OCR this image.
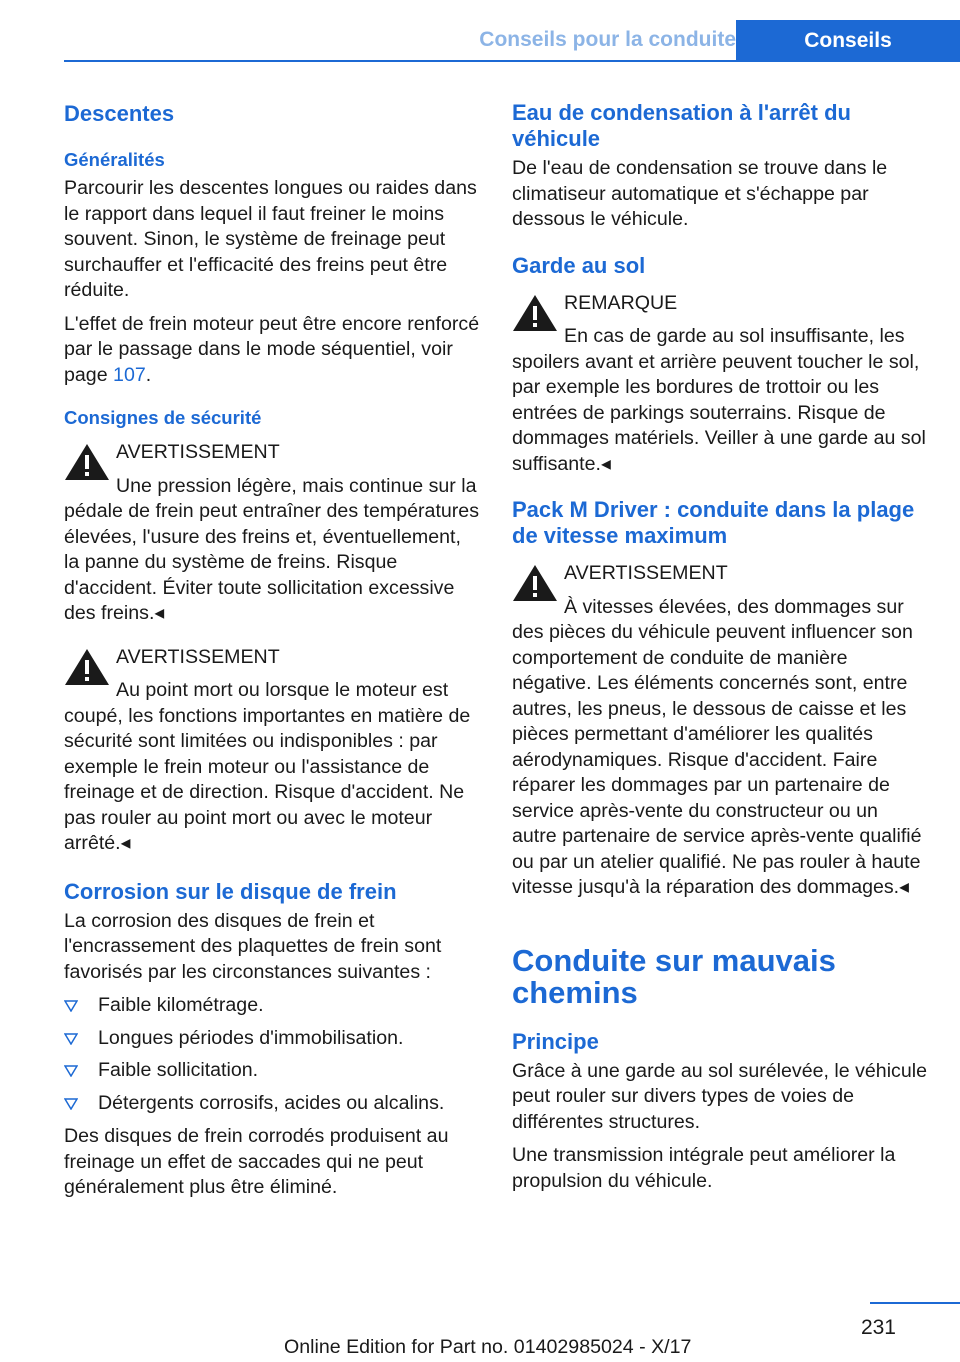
Conseils pour la conduite	Conseils
Descentes
Généralités

Parcourir les descentes longues ou raides dans le rapport dans lequel il faut freiner le moins souvent. Sinon, le système de freinage peut surchauffer et l'efficacité des freins peut être réduite.

L'effet de frein moteur peut être encore renforcé par le passage dans le mode séquentiel, voir page 107.

Consignes de sécurité
AVERTISSEMENT
Une pression légère, mais continue sur la
pédale de frein peut entraîner des températures élevées, l'usure des freins et, éventuellement, la panne du système de freins. Risque d'accident. Éviter toute sollicitation excessive des freins.◂
AVERTISSEMENT
Au point mort ou lorsque le moteur est
coupé, les fonctions importantes en matière de sécurité sont limitées ou indisponibles : par exemple le frein moteur ou l'assistance de freinage et de direction. Risque d'accident. Ne pas rouler au point mort ou avec le moteur arrêté.◂
Corrosion sur le disque de frein

La corrosion des disques de frein et l'encrassement des plaquettes de frein sont favorisés par les circonstances suivantes :

Faible kilométrage.
Longues périodes d'immobilisation.
Faible sollicitation.
Détergents corrosifs, acides ou alcalins.

Des disques de frein corrodés produisent au freinage un effet de saccades qui ne peut généralement plus être éliminé.

Eau de condensation à l'arrêt du véhicule

De l'eau de condensation se trouve dans le climatiseur automatique et s'échappe par dessous le véhicule.

Garde au sol
REMARQUE
En cas de garde au sol insuffisante, les
spoilers avant et arrière peuvent toucher le sol, par exemple les bordures de trottoir ou les entrées de parkings souterrains. Risque de dommages matériels. Veiller à une garde au sol suffisante.◂
Pack M Driver : conduite dans la plage de vitesse maximum
AVERTISSEMENT
À vitesses élevées, des dommages sur
des pièces du véhicule peuvent influencer son comportement de conduite de manière négative. Les éléments concernés sont, entre autres, les pneus, le dessous de caisse et les pièces permettant d'améliorer les qualités aérodynamiques. Risque d'accident. Faire réparer les dommages par un partenaire de service après-vente du constructeur ou un autre partenaire de service après-vente qualifié ou par un atelier qualifié. Ne pas rouler à haute vitesse jusqu'à la réparation des dommages.◂
Conduite sur mauvais chemins
Principe

Grâce à une garde au sol surélevée, le véhicule peut rouler sur divers types de voies de différentes structures.

Une transmission intégrale peut améliorer la propulsion du véhicule.

231
Online Edition for Part no. 01402985024 - X/17
